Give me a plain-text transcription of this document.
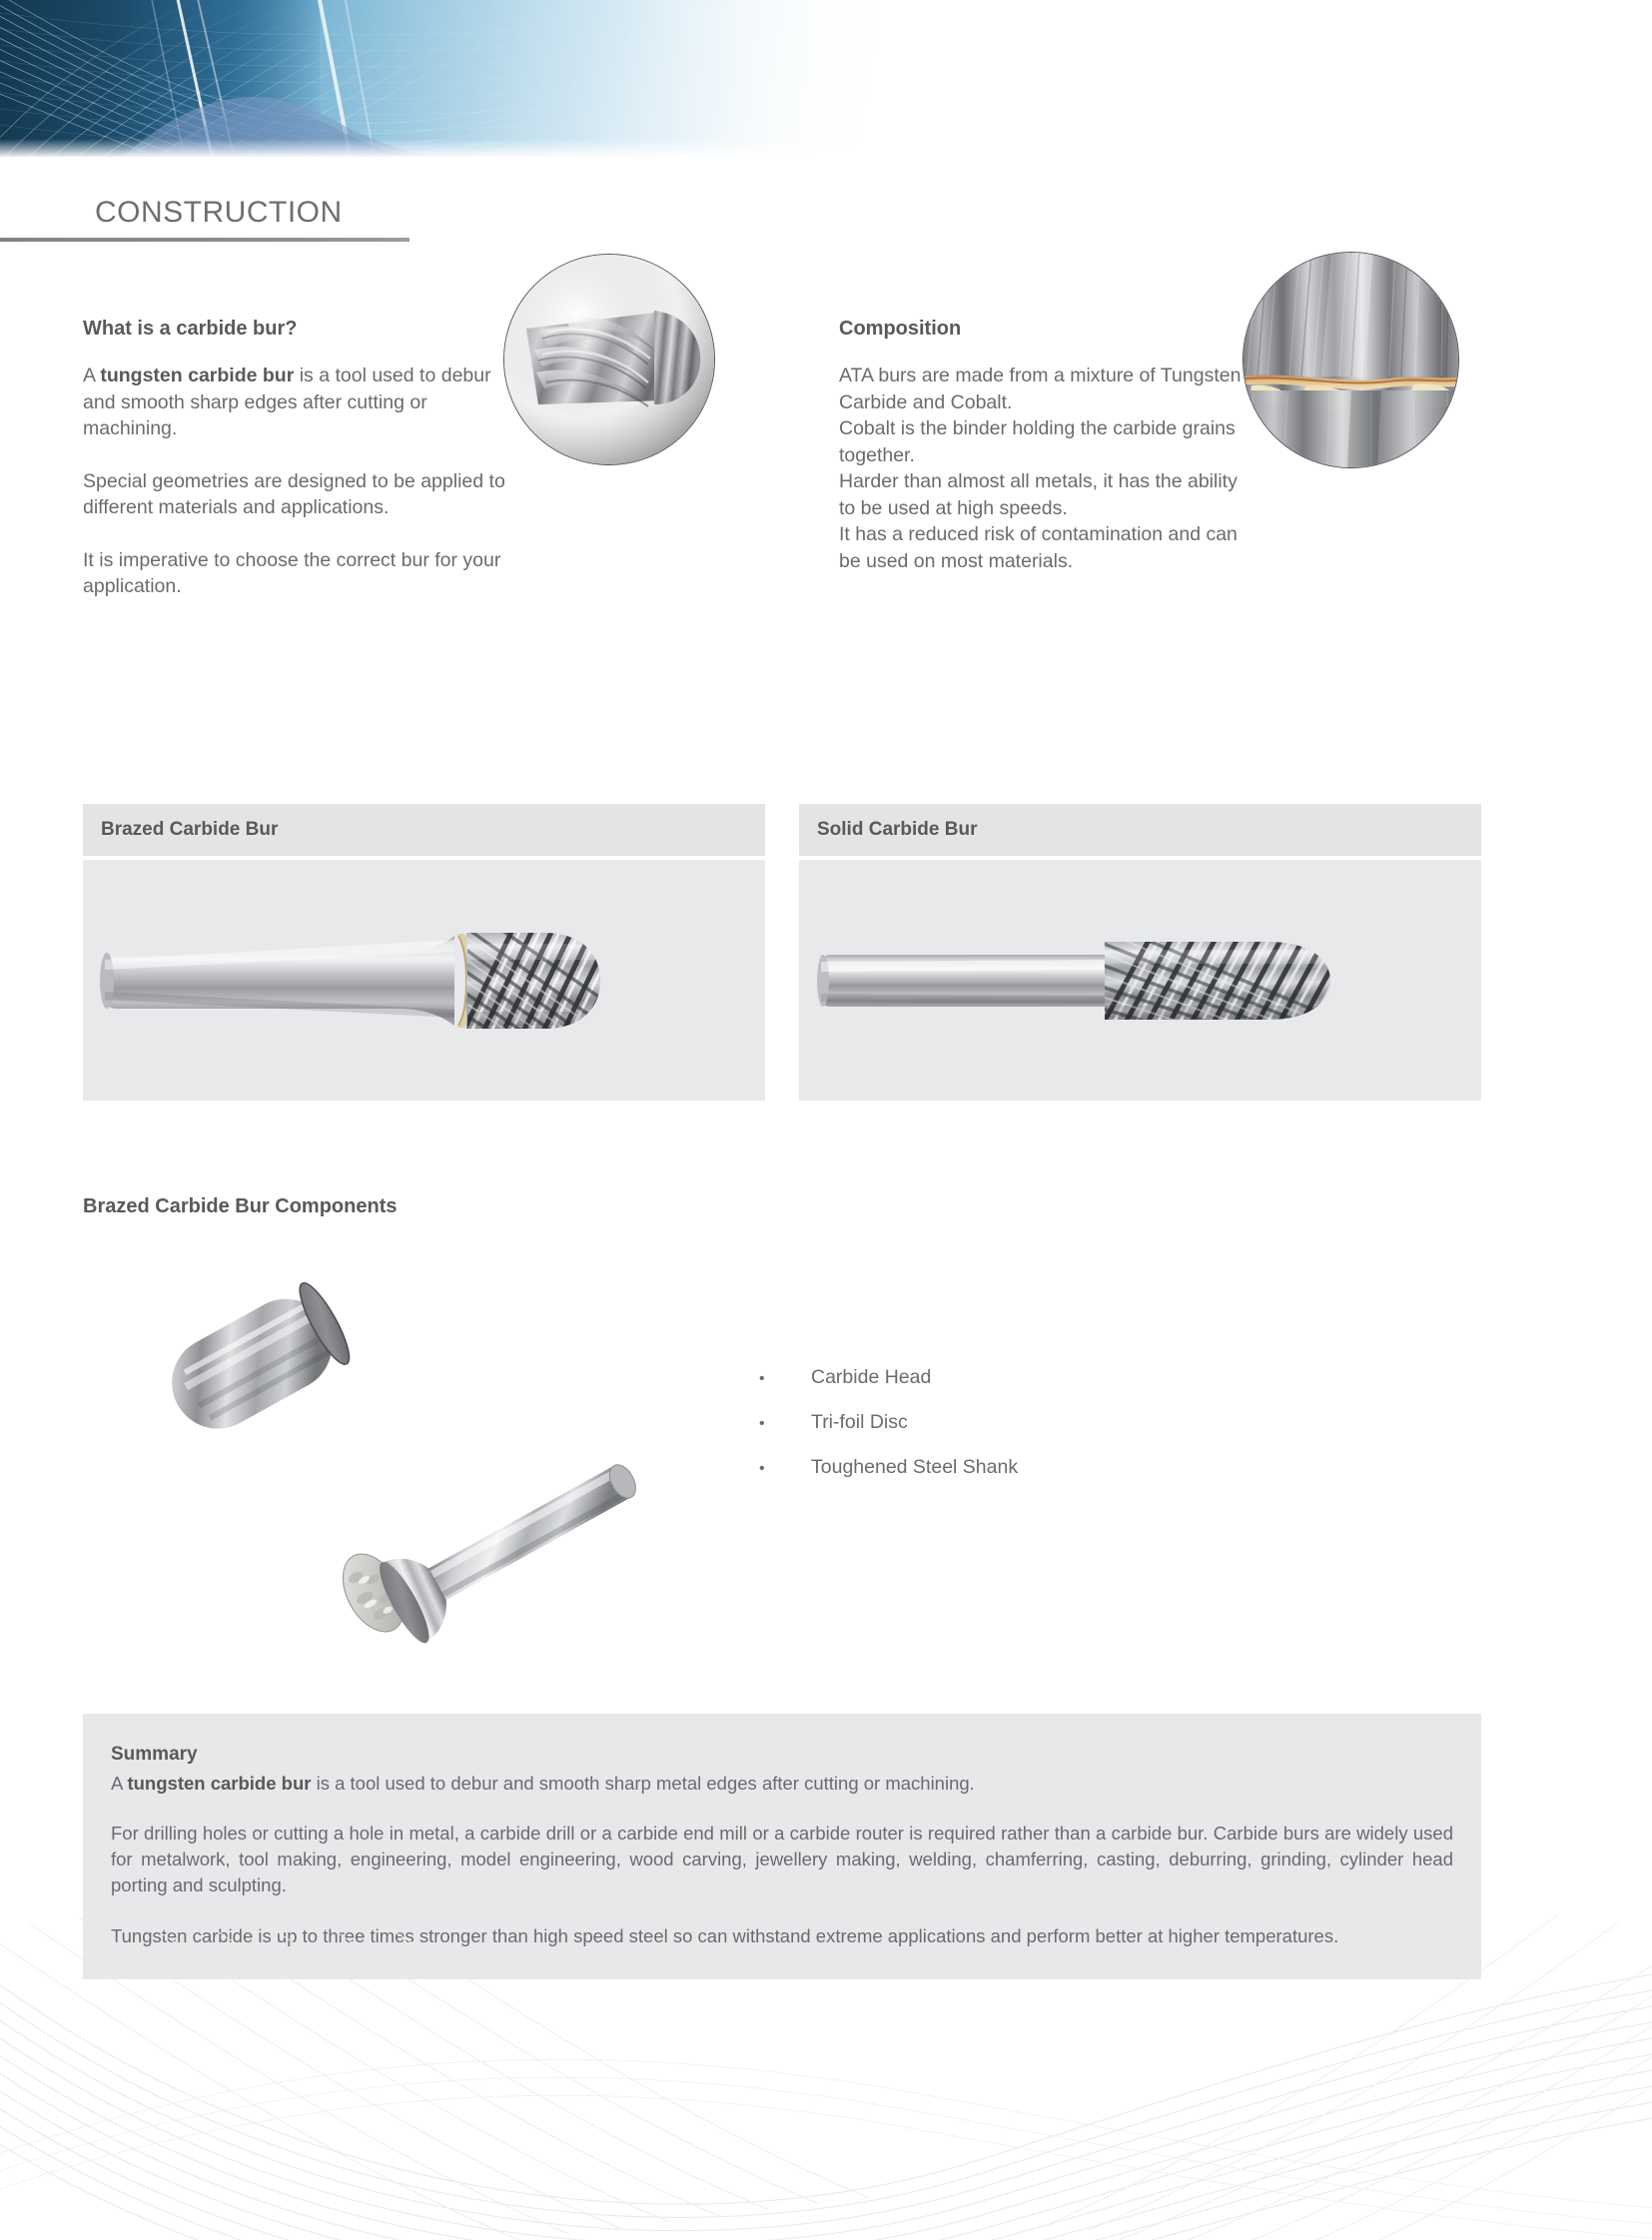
CONSTRUCTION
What is a carbide bur?

A tungsten carbide bur is a tool used to debur and smooth sharp edges after cutting or machining.

Special geometries are designed to be applied to different materials and applications.

It is imperative to choose the correct bur for your application.

Composition

ATA burs are made from a mixture of Tungsten Carbide and Cobalt.

Cobalt is the binder holding the carbide grains together.

Harder than almost all metals, it has the ability to be used at high speeds.

It has a reduced risk of contamination and can be used on most materials.

Brazed Carbide Bur	Solid Carbide Bur
Brazed Carbide Bur Components
•	Carbide Head
•	Tri-foil Disc
•	Toughened Steel Shank
Summary

A tungsten carbide bur is a tool used to debur and smooth sharp metal edges after cutting or machining.

For drilling holes or cutting a hole in metal, a carbide drill or a carbide end mill or a carbide router is required rather than a carbide bur. Carbide burs are widely used for metalwork, tool making, engineering, model engineering, wood carving, jewellery making, welding, chamferring, casting, deburring, grinding, cylinder head porting and sculpting.

Tungsten carbide is up to three times stronger than high speed steel so can withstand extreme applications and perform better at higher temperatures.
